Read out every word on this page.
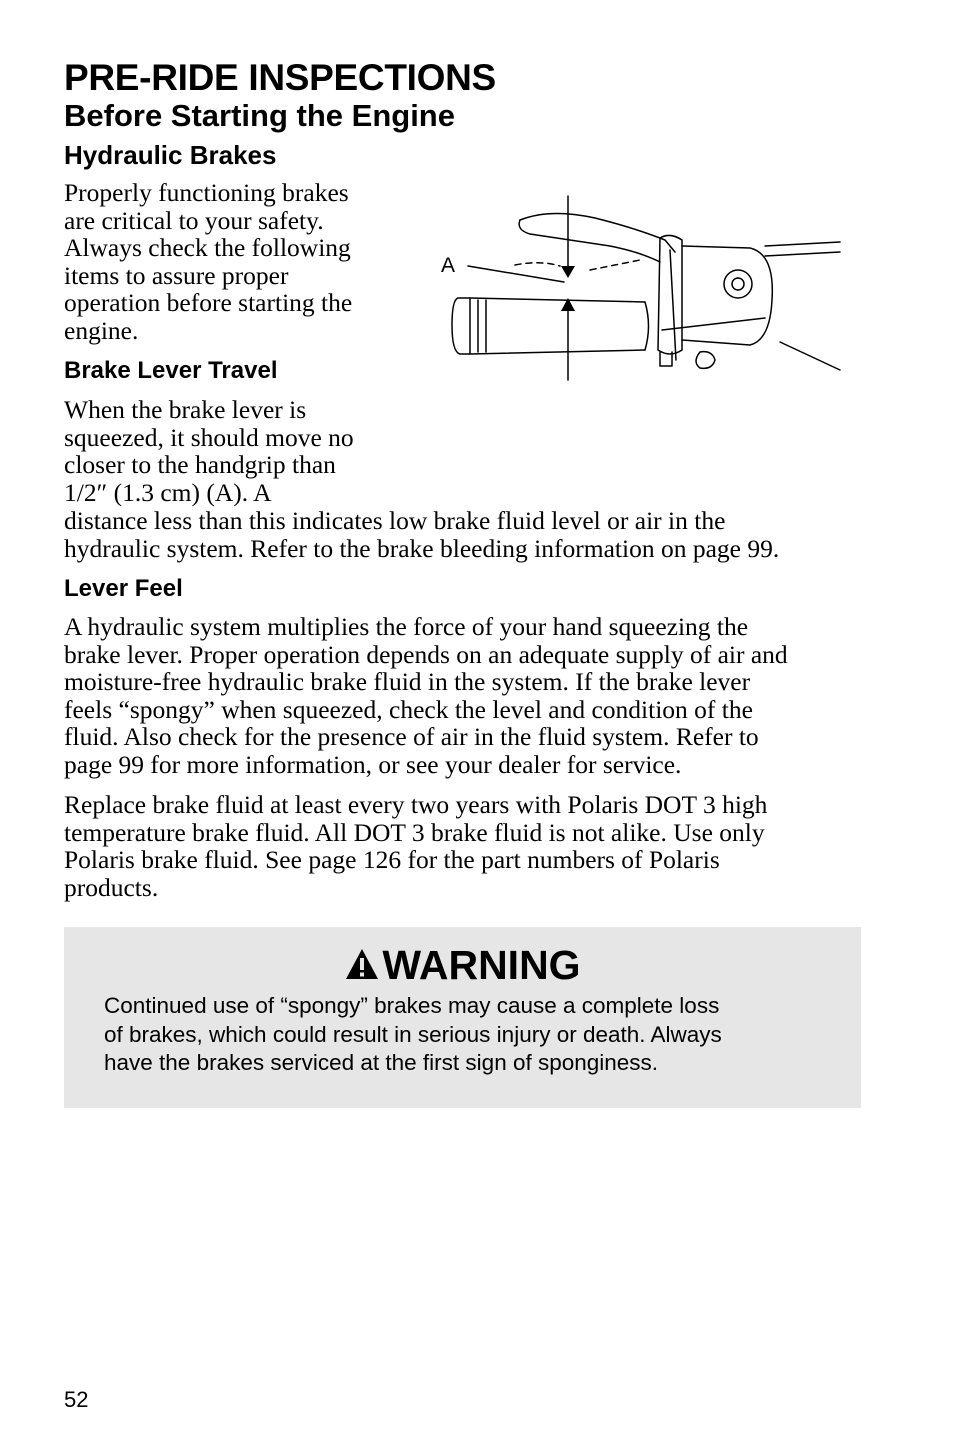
PRE-RIDE INSPECTIONS
Before Starting the Engine
Hydraulic Brakes

Properly functioning brakes
are critical to your safety.
Always check the following
items to assure proper
operation before starting the
engine.

A
Brake Lever Travel

When the brake lever is
squeezed, it should move no
closer to the handgrip than
1/2″ (1.3 cm) (A). A

distance less than this indicates low brake fluid level or air in the
hydraulic system. Refer to the brake bleeding information on page 99.

Lever Feel

A hydraulic system multiplies the force of your hand squeezing the
brake lever. Proper operation depends on an adequate supply of air and
moisture-free hydraulic brake fluid in the system. If the brake lever
feels “spongy” when squeezed, check the level and condition of the
fluid. Also check for the presence of air in the fluid system. Refer to
page 99 for more information, or see your dealer for service.

Replace brake fluid at least every two years with Polaris DOT 3 high
temperature brake fluid. All DOT 3 brake fluid is not alike. Use only
Polaris brake fluid. See page 126 for the part numbers of Polaris
products.

WARNING

Continued use of “spongy” brakes may cause a complete loss
of brakes, which could result in serious injury or death. Always
have the brakes serviced at the first sign of sponginess.

52
